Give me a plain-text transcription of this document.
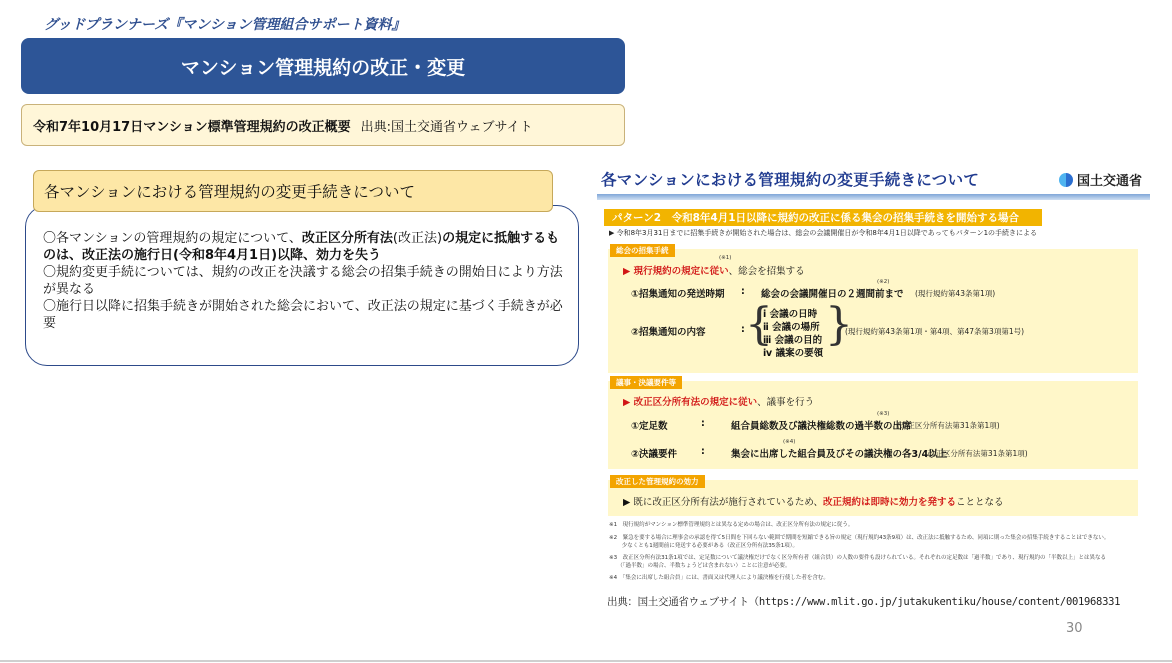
グッドプランナーズ『マンション管理組合サポート資料』
マンション管理規約の改正・変更
令和7年10月17日マンション標準管理規約の改正概要 出典:国土交通省ウェブサイト
各マンションにおける管理規約の変更手続きについて

〇各マンションの管理規約の規定について、改正区分所有法(改正法)の規定に抵触するものは、改正法の施行日(令和8年4月1日)以降、効力を失う

〇規約変更手続については、規約の改正を決議する総会の招集手続きの開始日により方法が異なる

〇施行日以降に招集手続きが開始された総会において、改正法の規定に基づく手続きが必要

各マンションにおける管理規約の変更手続きについて	国土交通省
パターン2　令和8年4月1日以降に規約の改正に係る集会の招集手続きを開始する場合
▶ 令和8年3月31日までに招集手続きが開始された場合は、総会の会議開催日が令和8年4月1日以降であってもパターン1の手続きによる
総会の招集手続
(※1)
▶ 現行規約の規定に従い、総会を招集する
①招集通知の発送時期 : 総会の会議開催日の２週間前まで
(※2)
(現行規約第43条第1項)
②招集通知の内容	: {
ⅰ 会議の日時
ⅱ 会議の場所
ⅲ 会議の目的
ⅳ 議案の要領
}
(現行規約第43条第1項・第4項、第47条第3項第1号)
議事・決議要件等
▶ 改正区分所有法の規定に従い、議事を行う
①定足数	:	組合員総数及び議決権総数の過半数の出席
(※3)
(改正区分所有法第31条第1項)
②決議要件	:	集会に出席した組合員及びその議決権の各3/4以上
(※4)
(改正区分所有法第31条第1項)
改正した管理規約の効力
▶ 既に改正区分所有法が施行されているため、改正規約は即時に効力を発することとなる
※1　現行規約がマンション標準管理規約とは異なる定めの場合は、改正区分所有法の規定に従う。
※2　緊急を要する場合に理事会の承認を得て5日間を下回らない範囲で期間を短縮できる旨の規定（現行規約43条9項）は、改正法に抵触するため、同項に則った集会の招集手続きすることはできない。
　　 少なくとも1週間前に発送する必要がある（改正区分所有法35条1項）。
※3　改正区分所有法31条1項では、定足数について議決権だけでなく区分所有者（組合員）の人数の要件も設けられている。それぞれの定足数は「過半数」であり、現行規約の「半数以上」とは異なる
　　（「過半数」の場合、半数ちょうどは含まれない）ことに注意が必要。
※4　「集会に出席した組合員」には、書面又は代理人により議決権を行使した者を含む。
出典：国土交通省ウェブサイト（https://www.mlit.go.jp/jutakukentiku/house/content/001968331
30
